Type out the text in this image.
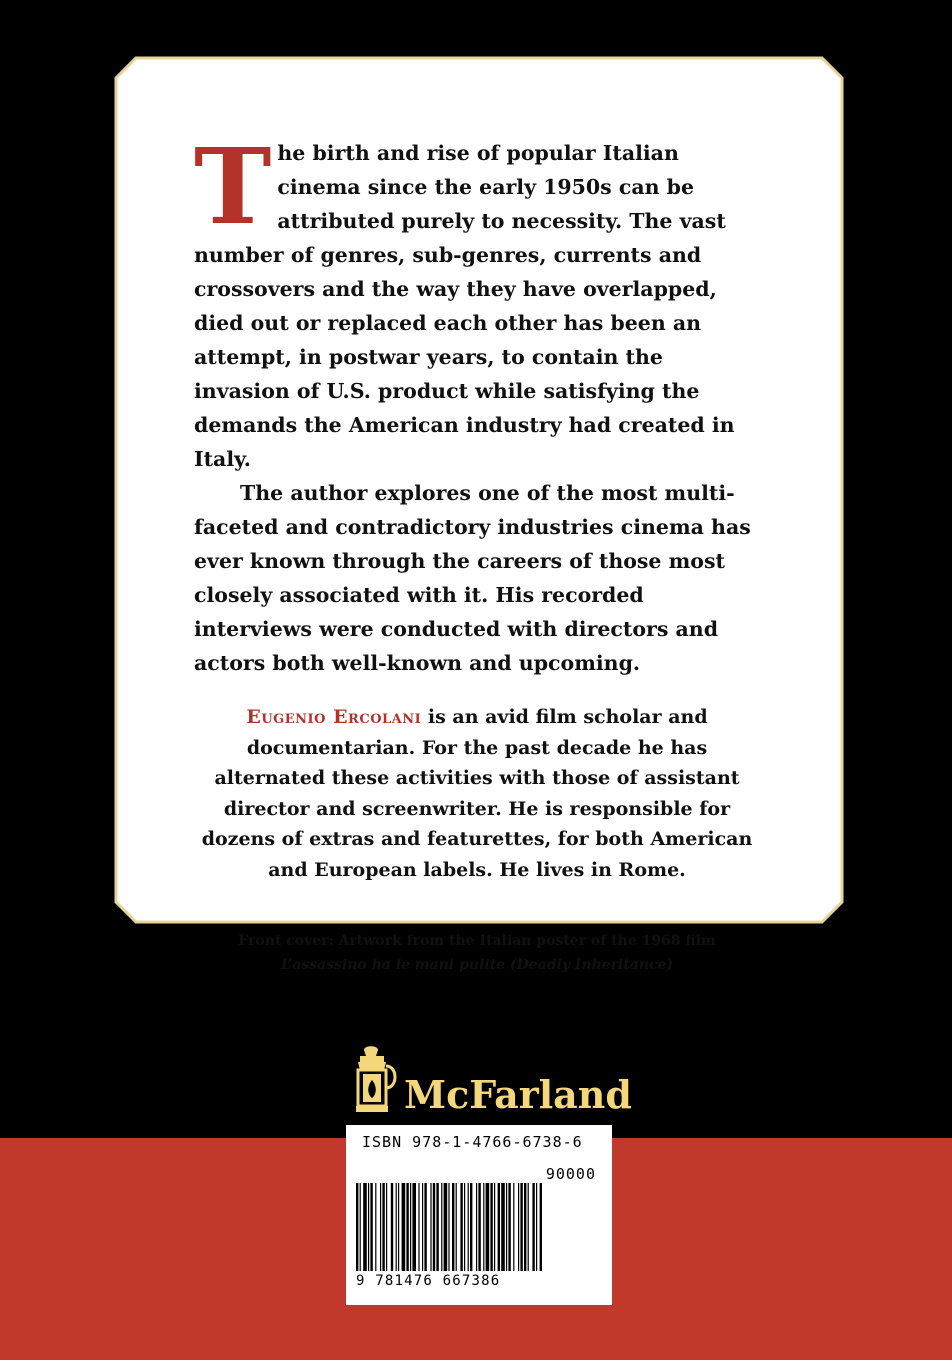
The birth and rise of popular Italian cinema since the early 1950s can be attributed purely to necessity. The vast number of genres, sub-genres, currents and crossovers and the way they have overlapped, died out or replaced each other has been an attempt, in postwar years, to contain the invasion of U.S. product while satisfying the demands the American industry had created in Italy.

The author explores one of the most multi-faceted and contradictory industries cinema has ever known through the careers of those most closely associated with it. His recorded interviews were conducted with directors and actors both well-known and upcoming.

Eugenio Ercolani is an avid film scholar and documentarian. For the past decade he has alternated these activities with those of assistant director and screenwriter. He is responsible for dozens of extras and featurettes, for both American and European labels. He lives in Rome.

Front cover: Artwork from the Italian poster of the 1968 film
L’assassino ha le mani pulite (Deadly Inheritance)
McFarland
ISBN 978-1-4766-6738-6
90000
9 781476 667386
